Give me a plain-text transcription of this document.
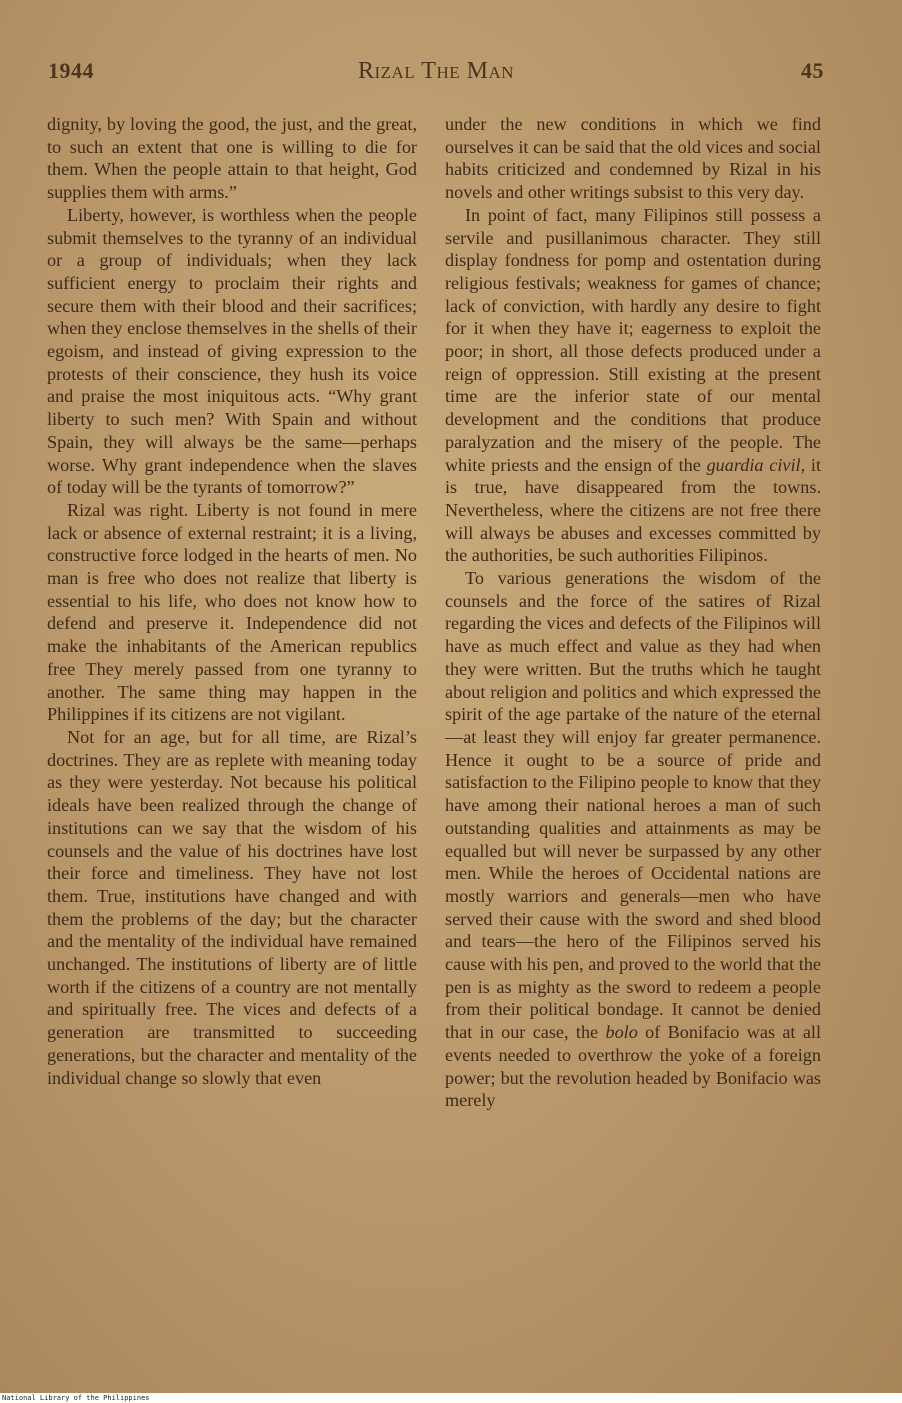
1944	Rizal The Man	45

dignity, by loving the good, the just, and the great, to such an extent that one is willing to die for them. When the people attain to that height, God supplies them with arms.”

Liberty, however, is worthless when the people submit themselves to the tyranny of an individual or a group of individuals; when they lack sufficient energy to proclaim their rights and secure them with their blood and their sacrifices; when they enclose themselves in the shells of their egoism, and instead of giving expression to the protests of their conscience, they hush its voice and praise the most iniquitous acts. “Why grant liberty to such men? With Spain and without Spain, they will always be the same—perhaps worse. Why grant independence when the slaves of today will be the tyrants of tomorrow?”

Rizal was right. Liberty is not found in mere lack or absence of external restraint; it is a living, constructive force lodged in the hearts of men. No man is free who does not realize that liberty is essential to his life, who does not know how to defend and preserve it. Independence did not make the inhabitants of the American republics free They merely passed from one tyranny to another. The same thing may happen in the Philippines if its citizens are not vigilant.

Not for an age, but for all time, are Rizal’s doctrines. They are as replete with meaning today as they were yesterday. Not because his political ideals have been realized through the change of institutions can we say that the wisdom of his counsels and the value of his doctrines have lost their force and timeliness. They have not lost them. True, institutions have changed and with them the problems of the day; but the character and the mentality of the individual have remained unchanged. The institutions of liberty are of little worth if the citizens of a country are not mentally and spiritually free. The vices and defects of a generation are transmitted to succeeding generations, but the character and mentality of the individual change so slowly that even

under the new conditions in which we find ourselves it can be said that the old vices and social habits criticized and condemned by Rizal in his novels and other writings subsist to this very day.

In point of fact, many Filipinos still possess a servile and pusillanimous character. They still display fondness for pomp and ostentation during religious festivals; weakness for games of chance; lack of conviction, with hardly any desire to fight for it when they have it; eagerness to exploit the poor; in short, all those defects produced under a reign of oppression. Still existing at the present time are the inferior state of our mental development and the conditions that produce paralyzation and the misery of the people. The white priests and the ensign of the guardia civil, it is true, have disappeared from the towns. Nevertheless, where the citizens are not free there will always be abuses and excesses committed by the authorities, be such authorities Filipinos.

To various generations the wisdom of the counsels and the force of the satires of Rizal regarding the vices and defects of the Filipinos will have as much effect and value as they had when they were written. But the truths which he taught about religion and politics and which expressed the spirit of the age partake of the nature of the eternal—at least they will enjoy far greater permanence. Hence it ought to be a source of pride and satisfaction to the Filipino people to know that they have among their national heroes a man of such outstanding qualities and attainments as may be equalled but will never be surpassed by any other men. While the heroes of Occidental nations are mostly warriors and generals—men who have served their cause with the sword and shed blood and tears—the hero of the Filipinos served his cause with his pen, and proved to the world that the pen is as mighty as the sword to redeem a people from their political bondage. It cannot be denied that in our case, the bolo of Bonifacio was at all events needed to overthrow the yoke of a foreign power; but the revolution headed by Bonifacio was merely

National Library of the Philippines
